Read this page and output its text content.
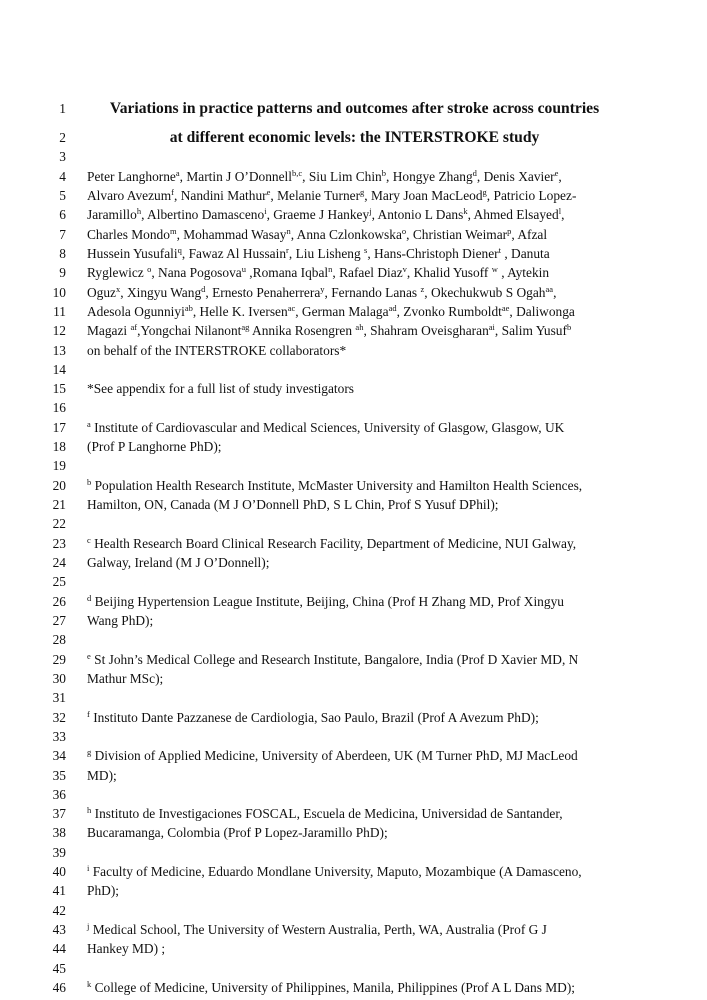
1	Variations in practice patterns and outcomes after stroke across countries
2	at different economic levels: the INTERSTROKE study
3
4 Peter Langhorne$^a$, Martin J O’Donnell$^{b,c}$, Siu Lim Chin$^b$, Hongye Zhang$^d$, Denis Xavier$^e$,
5 Alvaro Avezum$^f$, Nandini Mathur$^e$, Melanie Turner$^g$, Mary Joan MacLeod$^g$, Patricio Lopez-
6 Jaramillo$^h$, Albertino Damasceno$^i$, Graeme J Hankey$^j$, Antonio L Dans$^k$, Ahmed Elsayed$^l$,
7 Charles Mondo$^m$, Mohammad Wasay$^n$, Anna Czlonkowska$^o$, Christian Weimar$^p$, Afzal
8 Hussein Yusufali$^q$, Fawaz Al Hussain$^r$, Liu Lisheng $^s$, Hans-Christoph Diener$^t$ , Danuta
9 Ryglewicz $^o$, Nana Pogosova$^u$ ,Romana Iqbal$^n$, Rafael Diaz$^v$, Khalid Yusoff $^w$ , Aytekin
10 Oguz$^x$, Xingyu Wang$^d$, Ernesto Penaherrera$^y$, Fernando Lanas $^z$, Okechukwub S Ogah$^{aa}$,
11 Adesola Ogunniyi$^{ab}$, Helle K. Iversen$^{ac}$, German Malaga$^{ad}$, Zvonko Rumboldt$^{ae}$, Daliwonga
12 Magazi $^{af}$,Yongchai Nilanont$^{ag}$ Annika Rosengren $^{ah}$, Shahram Oveisgharan$^{ai}$, Salim Yusuf$^b$
13 on behalf of the INTERSTROKE collaborators*
14
15 *See appendix for a full list of study investigators
16
17 $^a$ Institute of Cardiovascular and Medical Sciences, University of Glasgow, Glasgow, UK
18 (Prof P Langhorne PhD);
19
20 $^b$ Population Health Research Institute, McMaster University and Hamilton Health Sciences,
21 Hamilton, ON, Canada (M J O’Donnell PhD, S L Chin, Prof S Yusuf DPhil);
22
23 $^c$ Health Research Board Clinical Research Facility, Department of Medicine, NUI Galway,
24 Galway, Ireland (M J O’Donnell);
25
26 $^d$ Beijing Hypertension League Institute, Beijing, China (Prof H Zhang MD, Prof Xingyu
27 Wang PhD);
28
29 $^e$ St John’s Medical College and Research Institute, Bangalore, India (Prof D Xavier MD, N
30 Mathur MSc);
31
32 $^f$ Instituto Dante Pazzanese de Cardiologia, Sao Paulo, Brazil (Prof A Avezum PhD);
33
34 $^g$ Division of Applied Medicine, University of Aberdeen, UK (M Turner PhD, MJ MacLeod
35 MD);
36
37 $^h$ Instituto de Investigaciones FOSCAL, Escuela de Medicina, Universidad de Santander,
38 Bucaramanga, Colombia (Prof P Lopez-Jaramillo PhD);
39
40 $^i$ Faculty of Medicine, Eduardo Mondlane University, Maputo, Mozambique (A Damasceno,
41 PhD);
42
43 $^j$ Medical School, The University of Western Australia, Perth, WA, Australia (Prof G J
44 Hankey MD) ;
45
46 $^k$ College of Medicine, University of Philippines, Manila, Philippines (Prof A L Dans MD);
